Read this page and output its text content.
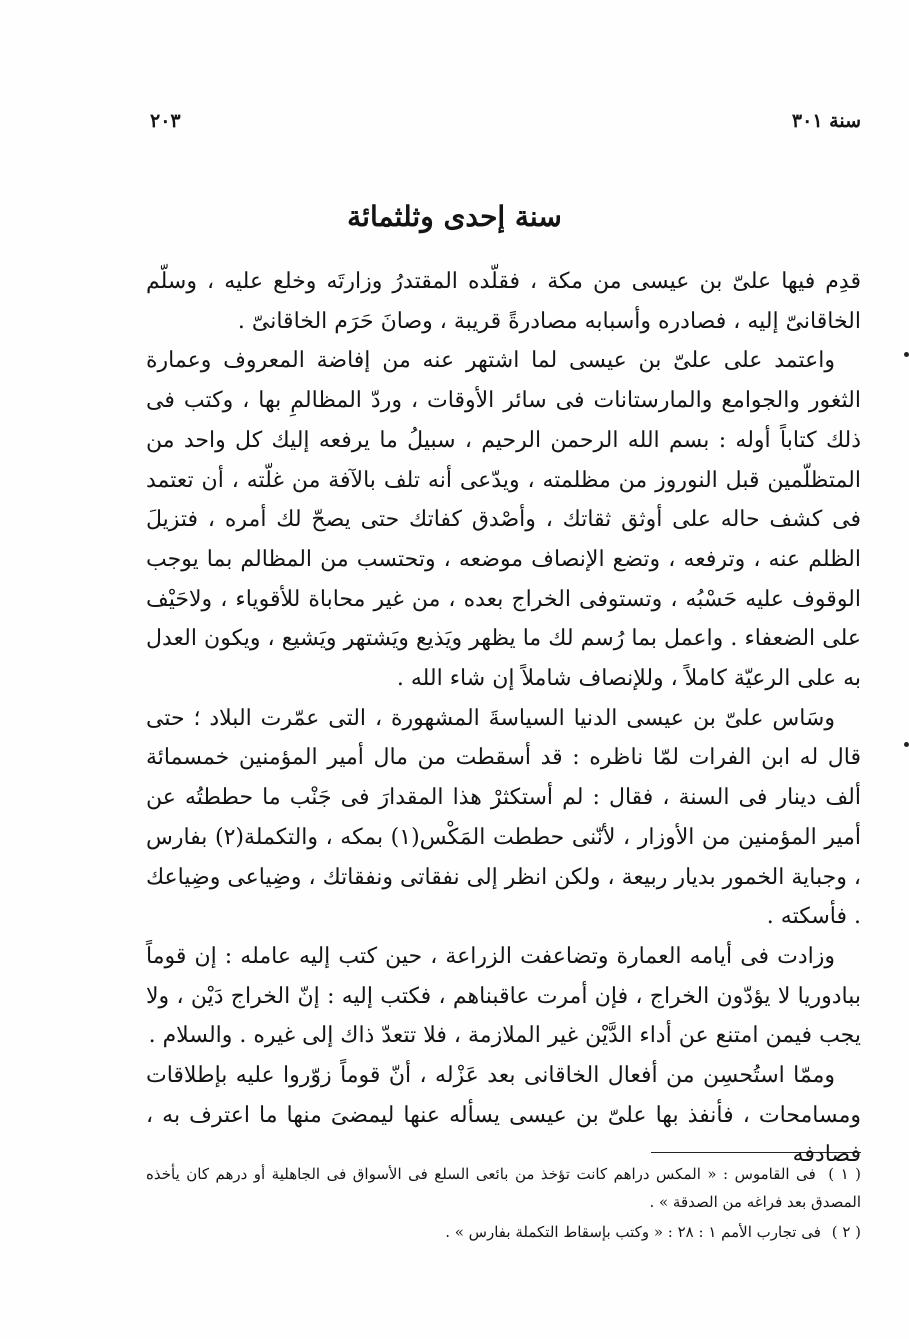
سنة ٣٠١
٢٠٣
سنة إحدى وثلثمائة

قدِم فيها علىّ بن عيسى من مكة ، فقلّده المقتدرُ وزارتَه وخلع عليه ، وسلّم الخاقانىّ إليه ، فصادره وأسبابه مصادرةً قريبة ، وصانَ حَرَم الخاقانىّ .

واعتمد على علىّ بن عيسى لما اشتهر عنه من إفاضة المعروف وعمارة الثغور والجوامع والمارستانات فى سائر الأوقات ، وردّ المظالمِ بها ، وكتب فى ذلك كتاباً أوله : بسم الله الرحمن الرحيم ، سبيلُ ما يرفعه إليك كل واحد من المتظلّمين قبل النوروز من مظلمته ، ويدّعى أنه تلف بالآفة من غلّته ، أن تعتمد فى كشف حاله على أوثق ثقاتك ، وأصْدق كفاتك حتى يصحّ لك أمره ، فتزيلَ الظلم عنه ، وترفعه ، وتضع الإنصاف موضعه ، وتحتسب من المظالم بما يوجب الوقوف عليه حَسْبُه ، وتستوفى الخراج بعده ، من غير محاباة للأقوياء ، ولاحَيْف على الضعفاء . واعمل بما رُسم لك ما يظهر ويَذيع ويَشتهر ويَشيع ، ويكون العدل به على الرعيّة كاملاً ، وللإنصاف شاملاً إن شاء الله .

وسَاس علىّ بن عيسى الدنيا السياسةَ المشهورة ، التى عمّرت البلاد ؛ حتى قال له ابن الفرات لمّا ناظره : قد أسقطت من مال أمير المؤمنين خمسمائة ألف دينار فى السنة ، فقال : لم أستكثرْ هذا المقدارَ فى جَنْب ما حططتُه عن أمير المؤمنين من الأوزار ، لأنّنى حططت المَكْس(١) بمكه ، والتكملة(٢) بفارس ، وجباية الخمور بديار ربيعة ، ولكن انظر إلى نفقاتى ونفقاتك ، وضِياعى وضِياعك . فأسكته .

وزادت فى أيامه العمارة وتضاعفت الزراعة ، حين كتب إليه عامله : إن قوماً ببادوريا لا يؤدّون الخراج ، فإن أمرت عاقبناهم ، فكتب إليه : إنّ الخراج دَيْن ، ولا يجب فيمن امتنع عن أداء الدَّيْن غير الملازمة ، فلا تتعدّ ذاك إلى غيره . والسلام .

وممّا استُحسِن من أفعال الخاقانى بعد عَزْله ، أنّ قوماً زوّروا عليه بإطلاقات ومسامحات ، فأنفذ بها علىّ بن عيسى يسأله عنها ليمضىَ منها ما اعترف به ، فصادفه

( ١ ) فى القاموس : « المكس دراهم كانت تؤخذ من بائعى السلع فى الأسواق فى الجاهلية أو درهم كان يأخذه المصدق بعد فراغه من الصدقة » .

( ٢ ) فى تجارب الأمم ١ : ٢٨ : « وكتب بإسقاط التكملة بفارس » .
